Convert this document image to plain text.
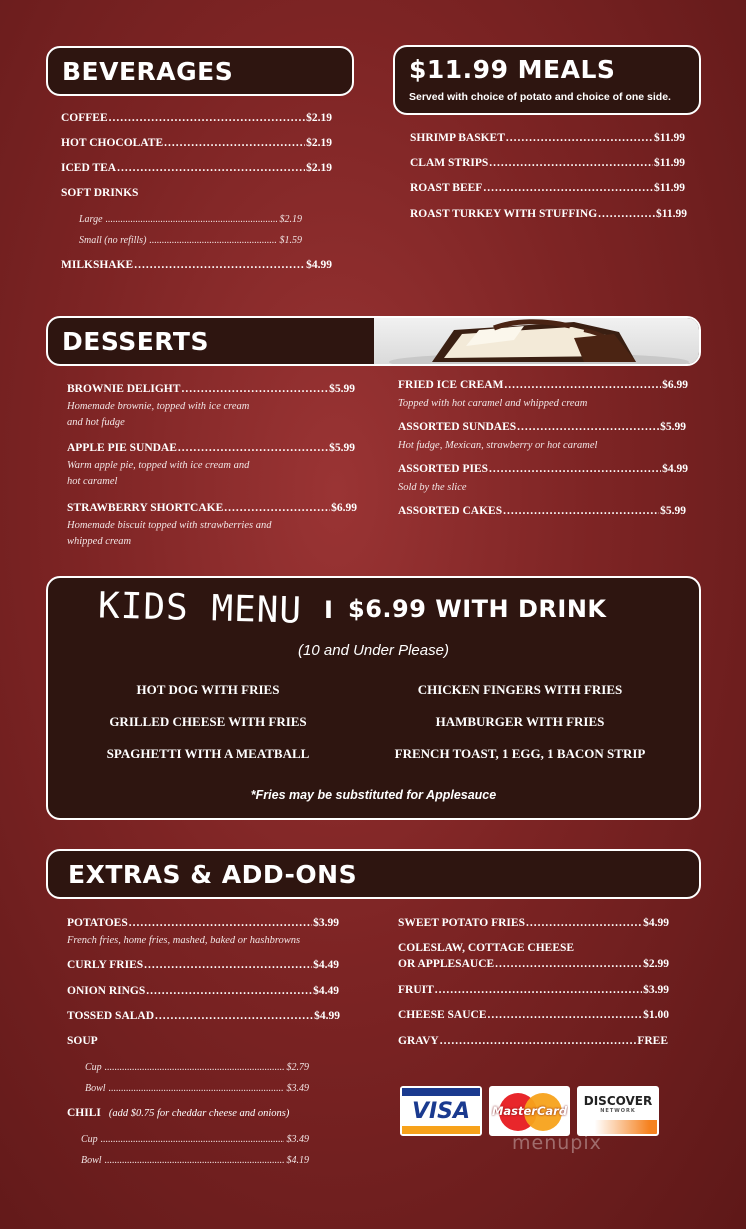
BEVERAGES
COFFEE .....	$2.19
HOT CHOCOLATE .....	$2.19
ICED TEA .....	$2.19
SOFT DRINKS
Large .....	$2.19
Small (no refills) .....	$1.59
MILKSHAKE .....	$4.99
$11.99 MEALS
Served with choice of potato and choice of one side.
SHRIMP BASKET .....	$11.99
CLAM STRIPS .....	$11.99
ROAST BEEF .....	$11.99
ROAST TURKEY WITH STUFFING .....	$11.99
DESSERTS
BROWNIE DELIGHT .....	$5.99
Homemade brownie, topped with ice cream
and hot fudge
APPLE PIE SUNDAE .....	$5.99
Warm apple pie, topped with ice cream and
hot caramel
STRAWBERRY SHORTCAKE .....	$6.99
Homemade biscuit topped with strawberries and
whipped cream
FRIED ICE CREAM .....	$6.99
Topped with hot caramel and whipped cream
ASSORTED SUNDAES .....	$5.99
Hot fudge, Mexican, strawberry or hot caramel
ASSORTED PIES .....	$4.99
Sold by the slice
ASSORTED CAKES .....	$5.99
KIDS MENU I $6.99 WITH DRINK
(10 and Under Please)
HOT DOG WITH FRIES	CHICKEN FINGERS WITH FRIES
GRILLED CHEESE WITH FRIES	HAMBURGER WITH FRIES
SPAGHETTI WITH A MEATBALL	FRENCH TOAST, 1 EGG, 1 BACON STRIP
*Fries may be substituted for Applesauce
EXTRAS & ADD-ONS
POTATOES .....	$3.99
French fries, home fries, mashed, baked or hashbrowns
CURLY FRIES .....	$4.49
ONION RINGS .....	$4.49
TOSSED SALAD .....	$4.99
SOUP
Cup .....	$2.79
Bowl .....	$3.49
CHILI (add $0.75 for cheddar cheese and onions)
Cup .....	$3.49
Bowl .....	$4.19
SWEET POTATO FRIES .....	$4.99
COLESLAW, COTTAGE CHEESE
OR APPLESAUCE .....	$2.99
FRUIT .....	$3.99
CHEESE SAUCE .....	$1.00
GRAVY .....	FREE
VISA MasterCard
DISCOVER
NETWORK
menupix
